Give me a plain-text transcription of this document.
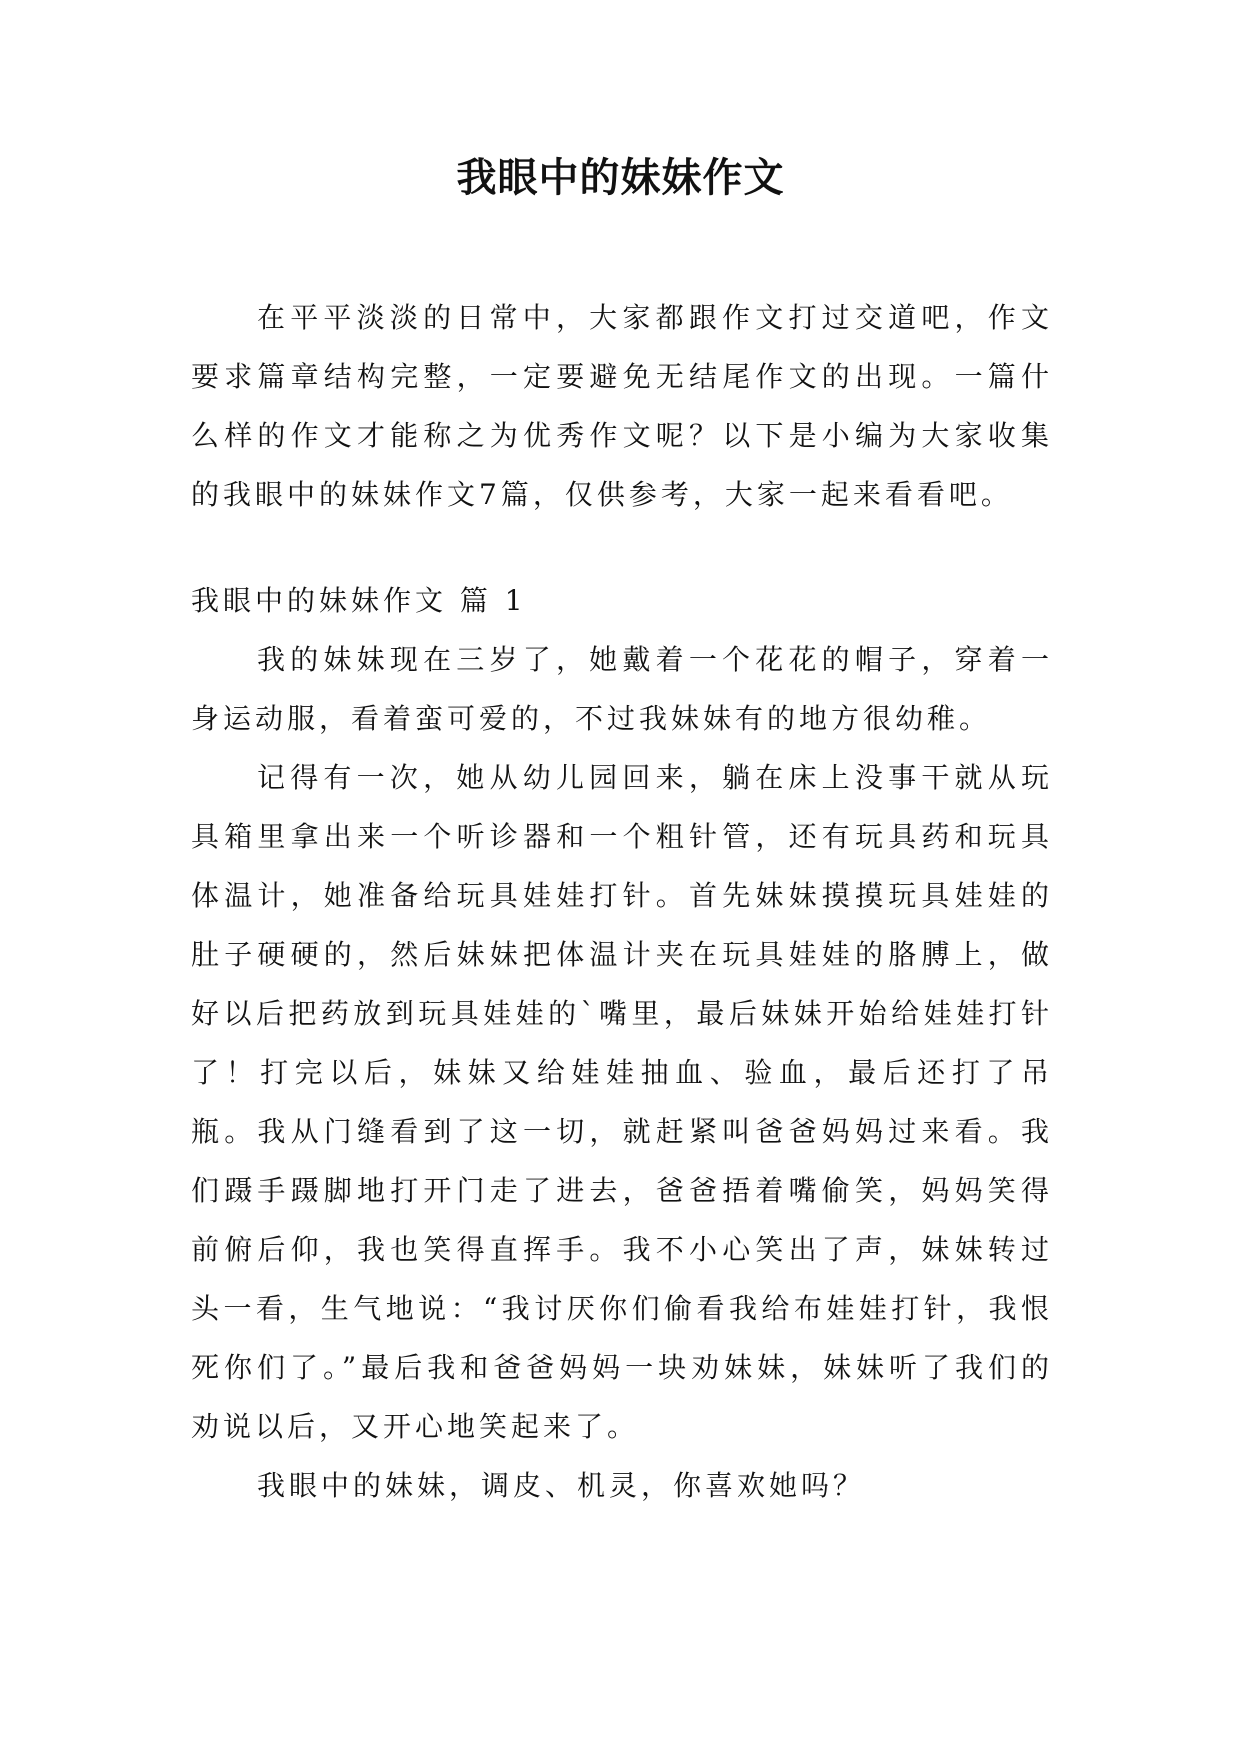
我眼中的妹妹作文

在平平淡淡的日常中，大家都跟作文打过交道吧，作文要求篇章结构完整，一定要避免无结尾作文的出现。一篇什么样的作文才能称之为优秀作文呢？以下是小编为大家收集的我眼中的妹妹作文7篇，仅供参考，大家一起来看看吧。

我眼中的妹妹作文 篇 1

我的妹妹现在三岁了，她戴着一个花花的帽子，穿着一身运动服，看着蛮可爱的，不过我妹妹有的地方很幼稚。

记得有一次，她从幼儿园回来，躺在床上没事干就从玩具箱里拿出来一个听诊器和一个粗针管，还有玩具药和玩具体温计，她准备给玩具娃娃打针。首先妹妹摸摸玩具娃娃的肚子硬硬的，然后妹妹把体温计夹在玩具娃娃的胳膊上，做好以后把药放到玩具娃娃的`嘴里，最后妹妹开始给娃娃打针了！打完以后，妹妹又给娃娃抽血、验血，最后还打了吊瓶。我从门缝看到了这一切，就赶紧叫爸爸妈妈过来看。我们蹑手蹑脚地打开门走了进去，爸爸捂着嘴偷笑，妈妈笑得前俯后仰，我也笑得直挥手。我不小心笑出了声，妹妹转过头一看，生气地说：“我讨厌你们偷看我给布娃娃打针，我恨死你们了。”最后我和爸爸妈妈一块劝妹妹，妹妹听了我们的劝说以后，又开心地笑起来了。

我眼中的妹妹，调皮、机灵，你喜欢她吗？
